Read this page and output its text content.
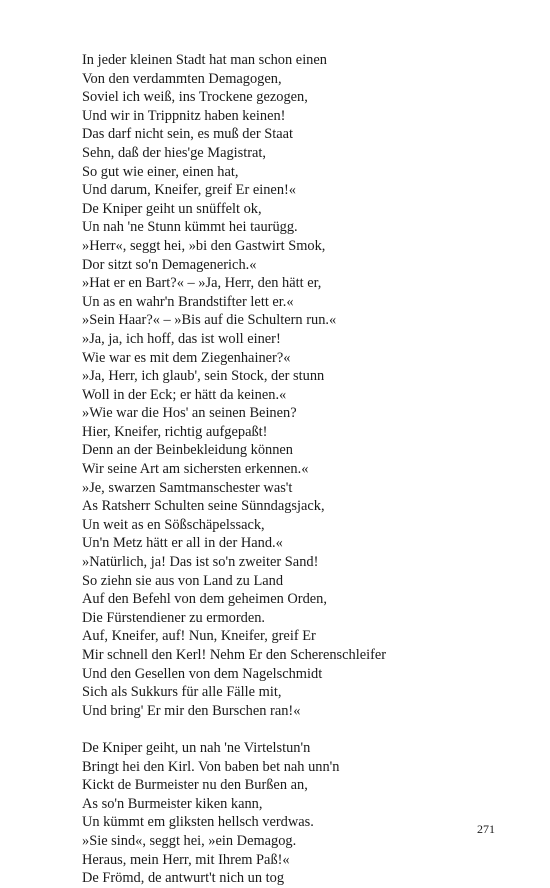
In jeder kleinen Stadt hat man schon einen
Von den verdammten Demagogen,
Soviel ich weiß, ins Trockene gezogen,
Und wir in Trippnitz haben keinen!
Das darf nicht sein, es muß der Staat
Sehn, daß der hies'ge Magistrat,
So gut wie einer, einen hat,
Und darum, Kneifer, greif Er einen!«
De Kniper geiht un snüffelt ok,
Un nah 'ne Stunn kümmt hei taurügg.
»Herr«, seggt hei, »bi den Gastwirt Smok,
Dor sitzt so'n Demagenerich.«
»Hat er en Bart?« – »Ja, Herr, den hätt er,
Un as en wahr'n Brandstifter lett er.«
»Sein Haar?« – »Bis auf die Schultern run.«
»Ja, ja, ich hoff, das ist woll einer!
Wie war es mit dem Ziegenhainer?«
»Ja, Herr, ich glaub', sein Stock, der stunn
Woll in der Eck; er hätt da keinen.«
»Wie war die Hos' an seinen Beinen?
Hier, Kneifer, richtig aufgepaßt!
Denn an der Beinbekleidung können
Wir seine Art am sichersten erkennen.«
»Je, swarzen Samtmanschester was't
As Ratsherr Schulten seine Sünndagsjack,
Un weit as en Sößschäpelssack,
Un'n Metz hätt er all in der Hand.«
»Natürlich, ja! Das ist so'n zweiter Sand!
So ziehn sie aus von Land zu Land
Auf den Befehl von dem geheimen Orden,
Die Fürstendiener zu ermorden.
Auf, Kneifer, auf! Nun, Kneifer, greif Er
Mir schnell den Kerl! Nehm Er den Scherenschleifer
Und den Gesellen von dem Nagelschmidt
Sich als Sukkurs für alle Fälle mit,
Und bring' Er mir den Burschen ran!«
De Kniper geiht, un nah 'ne Virtelstun'n
Bringt hei den Kirl. Von baben bet nah unn'n
Kickt de Burmeister nu den Burßen an,
As so'n Burmeister kiken kann,
Un kümmt em gliksten hellsch verdwas.
»Sie sind«, seggt hei, »ein Demagog.
Heraus, mein Herr, mit Ihrem Paß!«
De Frömd, de antwurt't nich un tog
271
